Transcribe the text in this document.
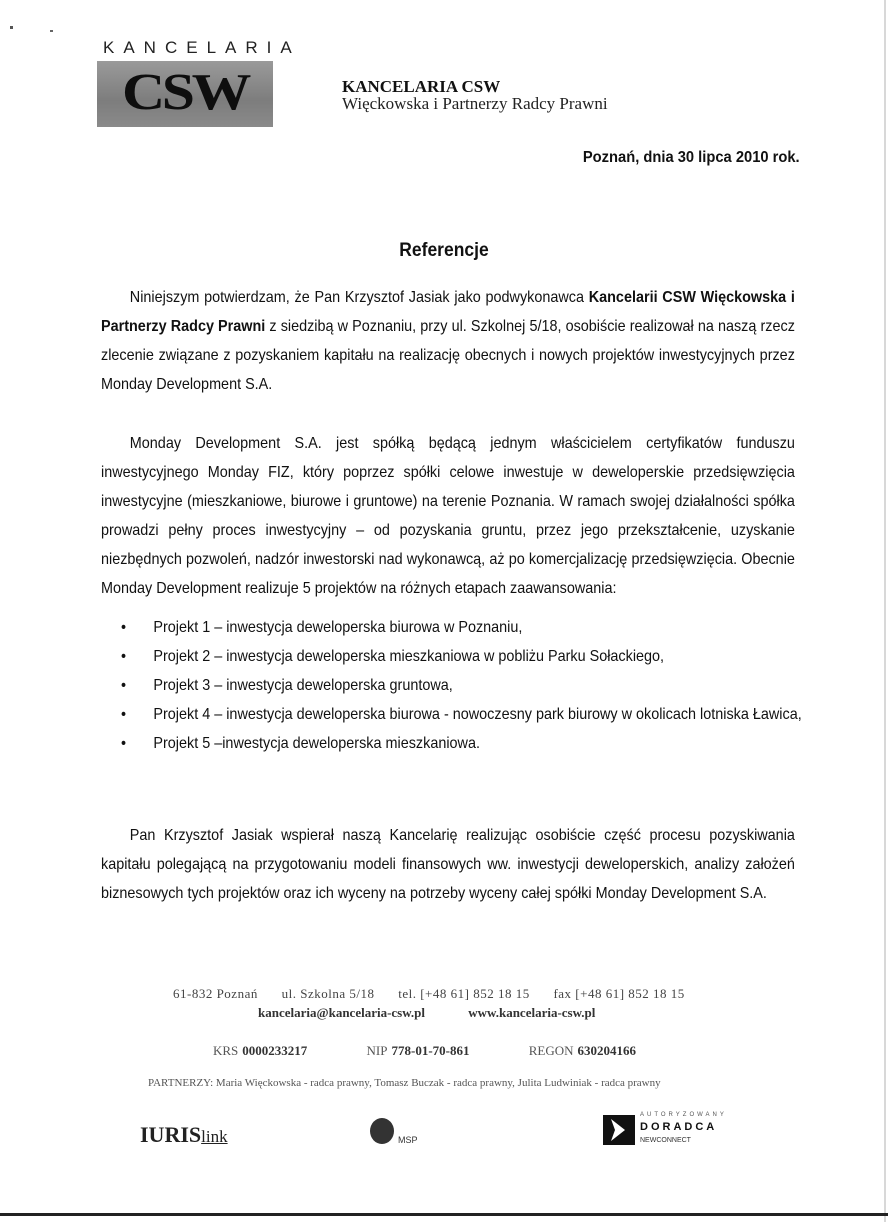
KANCELARIA
CSW	KANCELARIA CSW
Więckowska i Partnerzy Radcy Prawni
Poznań, dnia 30 lipca 2010 rok.
Referencje
Niniejszym potwierdzam, że Pan Krzysztof Jasiak jako podwykonawca Kancelarii CSW Więckowska i Partnerzy Radcy Prawni z siedzibą w Poznaniu, przy ul. Szkolnej 5/18, osobiście realizował na naszą rzecz zlecenie związane z pozyskaniem kapitału na realizację obecnych i nowych projektów inwestycyjnych przez Monday Development S.A.
Monday Development S.A. jest spółką będącą jednym właścicielem certyfikatów funduszu inwestycyjnego Monday FIZ, który poprzez spółki celowe inwestuje w deweloperskie przedsięwzięcia inwestycyjne (mieszkaniowe, biurowe i gruntowe) na terenie Poznania. W ramach swojej działalności spółka prowadzi pełny proces inwestycyjny – od pozyskania gruntu, przez jego przekształcenie, uzyskanie niezbędnych pozwoleń, nadzór inwestorski nad wykonawcą, aż po komercjalizację przedsięwzięcia. Obecnie Monday Development realizuje 5 projektów na różnych etapach zaawansowania:
• Projekt 1 – inwestycja deweloperska biurowa w Poznaniu,
• Projekt 2 – inwestycja deweloperska mieszkaniowa w pobliżu Parku Sołackiego,
• Projekt 3 – inwestycja deweloperska gruntowa,
• Projekt 4 – inwestycja deweloperska biurowa - nowoczesny park biurowy w okolicach lotniska Ławica,
• Projekt 5 –inwestycja deweloperska mieszkaniowa.
Pan Krzysztof Jasiak wspierał naszą Kancelarię realizując osobiście część procesu pozyskiwania kapitału polegającą na przygotowaniu modeli finansowych ww. inwestycji deweloperskich, analizy założeń biznesowych tych projektów oraz ich wyceny na potrzeby wyceny całej spółki Monday Development S.A.
61-832 Poznań ul. Szkolna 5/18 tel. [+48 61] 852 18 15 fax [+48 61] 852 18 15
kancelaria@kancelaria-csw.pl	www.kancelaria-csw.pl
KRS 0000233217	NIP 778-01-70-861	REGON 630204166
PARTNERZY: Maria Więckowska - radca prawny, Tomasz Buczak - radca prawny, Julita Ludwiniak - radca prawny
IURISlink	MSP
AUTORYZOWANY
DORADCA
NEWCONNECT
